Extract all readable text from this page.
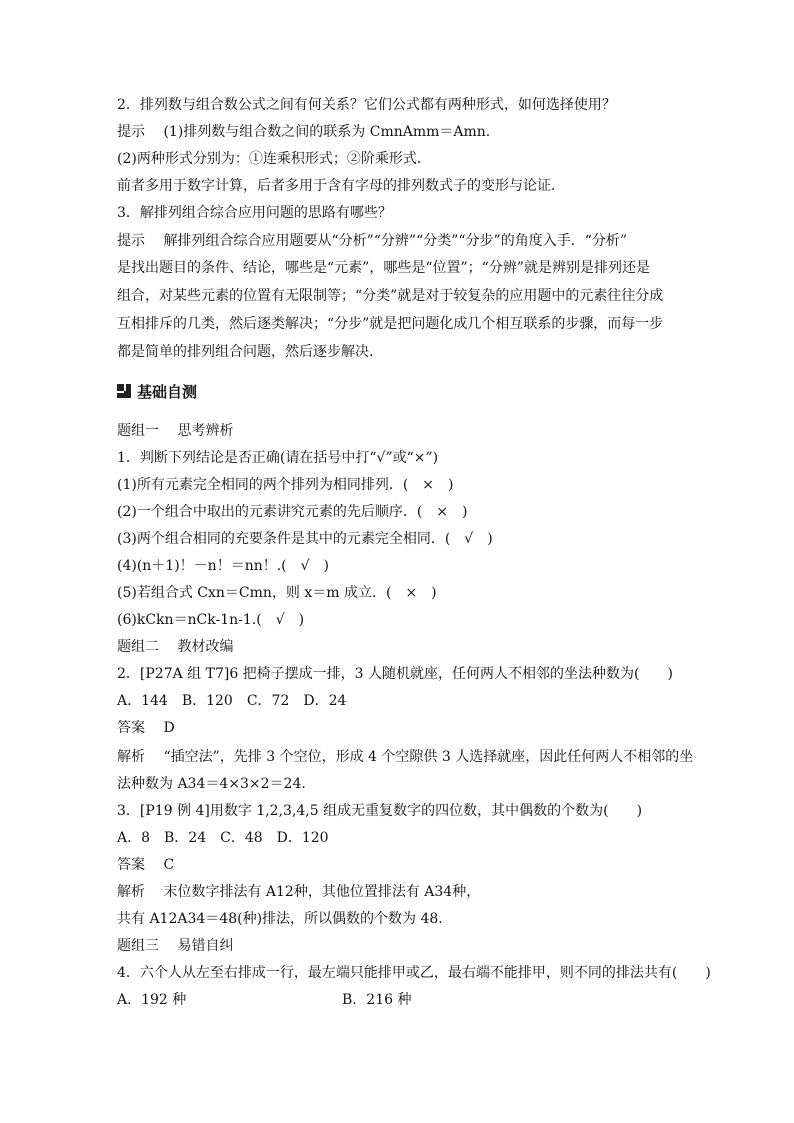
2．排列数与组合数公式之间有何关系？它们公式都有两种形式，如何选择使用？
提示 (1)排列数与组合数之间的联系为 CmnAmm＝Amn.
(2)两种形式分别为：①连乘积形式；②阶乘形式．
前者多用于数字计算，后者多用于含有字母的排列数式子的变形与论证．
3．解排列组合综合应用问题的思路有哪些？
提示 解排列组合综合应用题要从“分析”“分辨”“分类”“分步”的角度入手．“分析”
是找出题目的条件、结论，哪些是“元素”，哪些是“位置”；“分辨”就是辨别是排列还是
组合，对某些元素的位置有无限制等；“分类”就是对于较复杂的应用题中的元素往往分成
互相排斥的几类，然后逐类解决；“分步”就是把问题化成几个相互联系的步骤，而每一步
都是简单的排列组合问题，然后逐步解决．
基础自测
题组一 思考辨析
1．判断下列结论是否正确(请在括号中打“√”或“×”)
(1)所有元素完全相同的两个排列为相同排列．(　×　)
(2)一个组合中取出的元素讲究元素的先后顺序．(　×　)
(3)两个组合相同的充要条件是其中的元素完全相同．(　√　)
(4)(n＋1)！－n！＝nn！.(　√　)
(5)若组合式 Cxn＝Cmn，则 x＝m 成立．(　×　)
(6)kCkn＝nCk-1n-1.(　√　)
题组二 教材改编
2．[P27A 组 T7]6 把椅子摆成一排，3 人随机就座，任何两人不相邻的坐法种数为(　　)
A．144　B．120　C．72　D．24
答案 D
解析 “插空法”，先排 3 个空位，形成 4 个空隙供 3 人选择就座，因此任何两人不相邻的坐
法种数为 A34＝4×3×2＝24.
3．[P19 例 4]用数字 1,2,3,4,5 组成无重复数字的四位数，其中偶数的个数为(　　)
A．8　B．24　C．48　D．120
答案 C
解析 末位数字排法有 A12种，其他位置排法有 A34种，
共有 A12A34＝48(种)排法，所以偶数的个数为 48.
题组三 易错自纠
4．六个人从左至右排成一行，最左端只能排甲或乙，最右端不能排甲，则不同的排法共有(　　)
A．192 种	B．216 种
